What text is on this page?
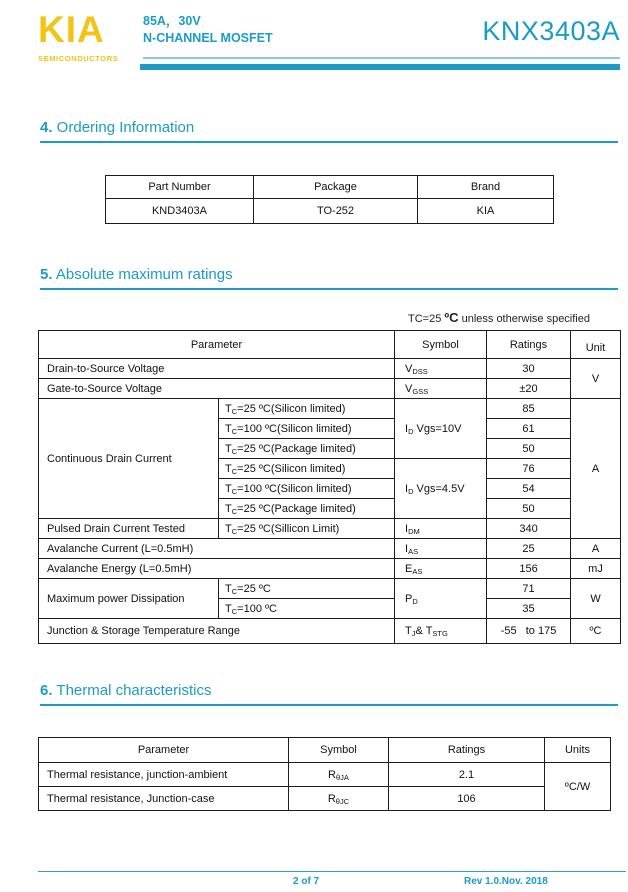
KIA
SEMICONDUCTORS
85A，30V
N-CHANNEL MOSFET	KNX3403A
4. Ordering Information
Part Number	Package	Brand
KND3403A	TO-252	KIA
5. Absolute maximum ratings
TC=25 ºC unless otherwise specified
Parameter		Symbol	Ratings	Unit
Drain-to-Source Voltage		$V_{DSS}$	30	V
Gate-to-Source Voltage		$V_{GSS}$	±20	
Continuous Drain Current	$T_C=25$ ºC(Silicon limited)	$I_D$ Vgs=10V	85	A
	$T_C=100$ ºC(Silicon limited)		61	
	$T_C=25$ ºC(Package limited)		50	
	$T_C=25$ ºC(Silicon limited)	$I_D$ Vgs=4.5V	76	
	$T_C=100$ ºC(Silicon limited)		54	
	$T_C=25$ ºC(Package limited)		50	
Pulsed Drain Current Tested	$T_C=25$ ºC(Sillicon Limit)	$I_{DM}$	340	
Avalanche Current (L=0.5mH)		$I_{AS}$	25	A
Avalanche Energy (L=0.5mH)		$E_{AS}$	156	mJ
Maximum power Dissipation	$T_C=25$ ºC	$P_D$	71	W
	$T_C=100$ ºC		35	
Junction & Storage Temperature Range		$T_J\&$ $T_{STG}$	-55   to 175	ºC
6. Thermal characteristics
Parameter	Symbol	Ratings	Units
Thermal resistance, junction-ambient	$R_{\theta JA}$	2.1	ºC/W
Thermal resistance, Junction-case	$R_{\theta JC}$	106	
2 of 7	Rev 1.0.Nov. 2018
